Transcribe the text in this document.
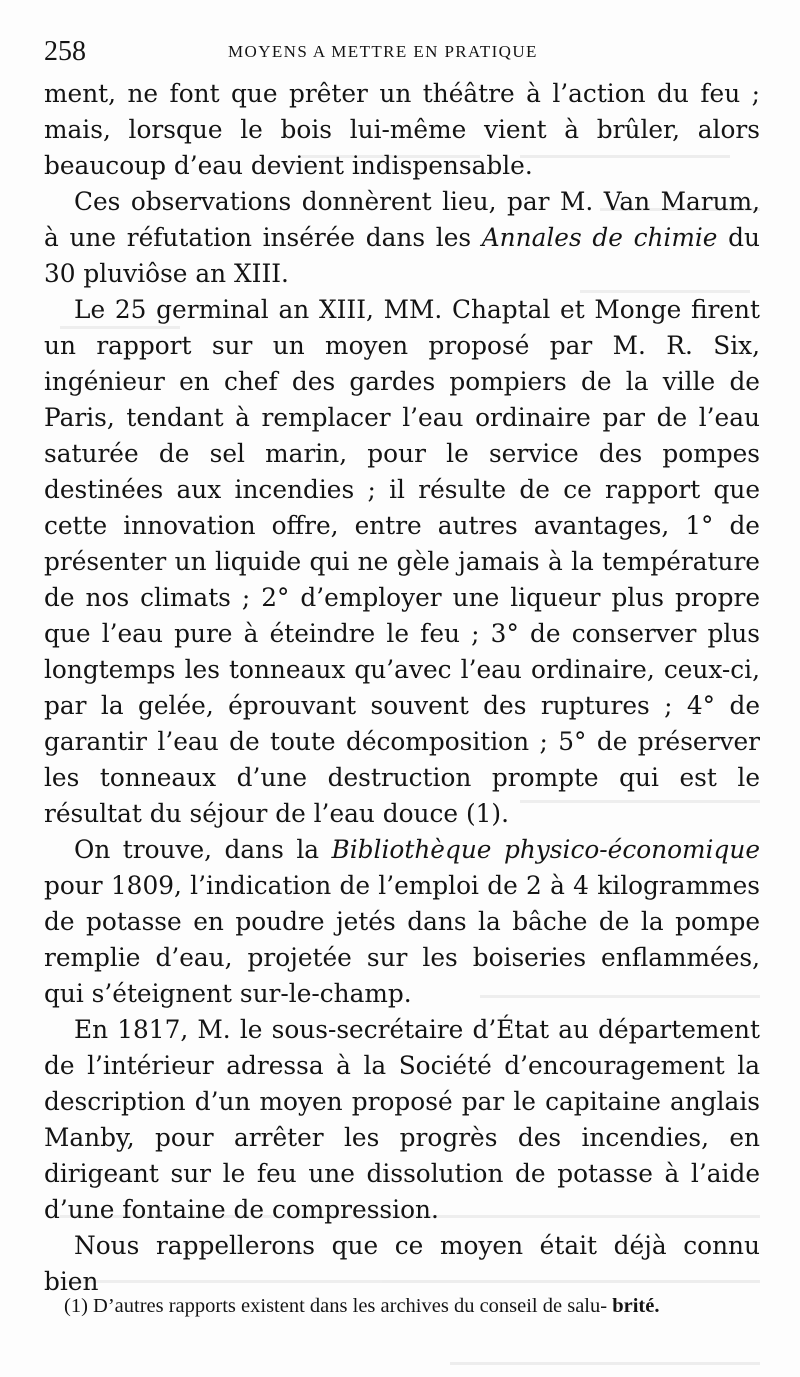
258	MOYENS A METTRE EN PRATIQUE

ment, ne font que prêter un théâtre à l’action du feu ; mais, lorsque le bois lui-même vient à brûler, alors beaucoup d’eau devient indispensable.

Ces observations donnèrent lieu, par M. Van Marum, à une réfutation insérée dans les Annales de chimie du 30 pluviôse an XIII.

Le 25 germinal an XIII, MM. Chaptal et Monge firent un rapport sur un moyen proposé par M. R. Six, ingénieur en chef des gardes pompiers de la ville de Paris, tendant à remplacer l’eau ordinaire par de l’eau saturée de sel marin, pour le service des pompes destinées aux incendies ; il résulte de ce rapport que cette innovation offre, entre autres avantages, 1° de présenter un liquide qui ne gèle jamais à la température de nos climats ; 2° d’employer une liqueur plus propre que l’eau pure à éteindre le feu ; 3° de conserver plus longtemps les tonneaux qu’avec l’eau ordinaire, ceux-ci, par la gelée, éprouvant souvent des ruptures ; 4° de garantir l’eau de toute décomposition ; 5° de préserver les tonneaux d’une destruction prompte qui est le résultat du séjour de l’eau douce (1).

On trouve, dans la Bibliothèque physico-économique pour 1809, l’indication de l’emploi de 2 à 4 kilogrammes de potasse en poudre jetés dans la bâche de la pompe remplie d’eau, projetée sur les boiseries enflammées, qui s’éteignent sur-le-champ.

En 1817, M. le sous-secrétaire d’État au département de l’intérieur adressa à la Société d’encouragement la description d’un moyen proposé par le capitaine anglais Manby, pour arrêter les progrès des incendies, en dirigeant sur le feu une dissolution de potasse à l’aide d’une fontaine de compression.

Nous rappellerons que ce moyen était déjà connu bien

(1) D’autres rapports existent dans les archives du conseil de salu- brité.
